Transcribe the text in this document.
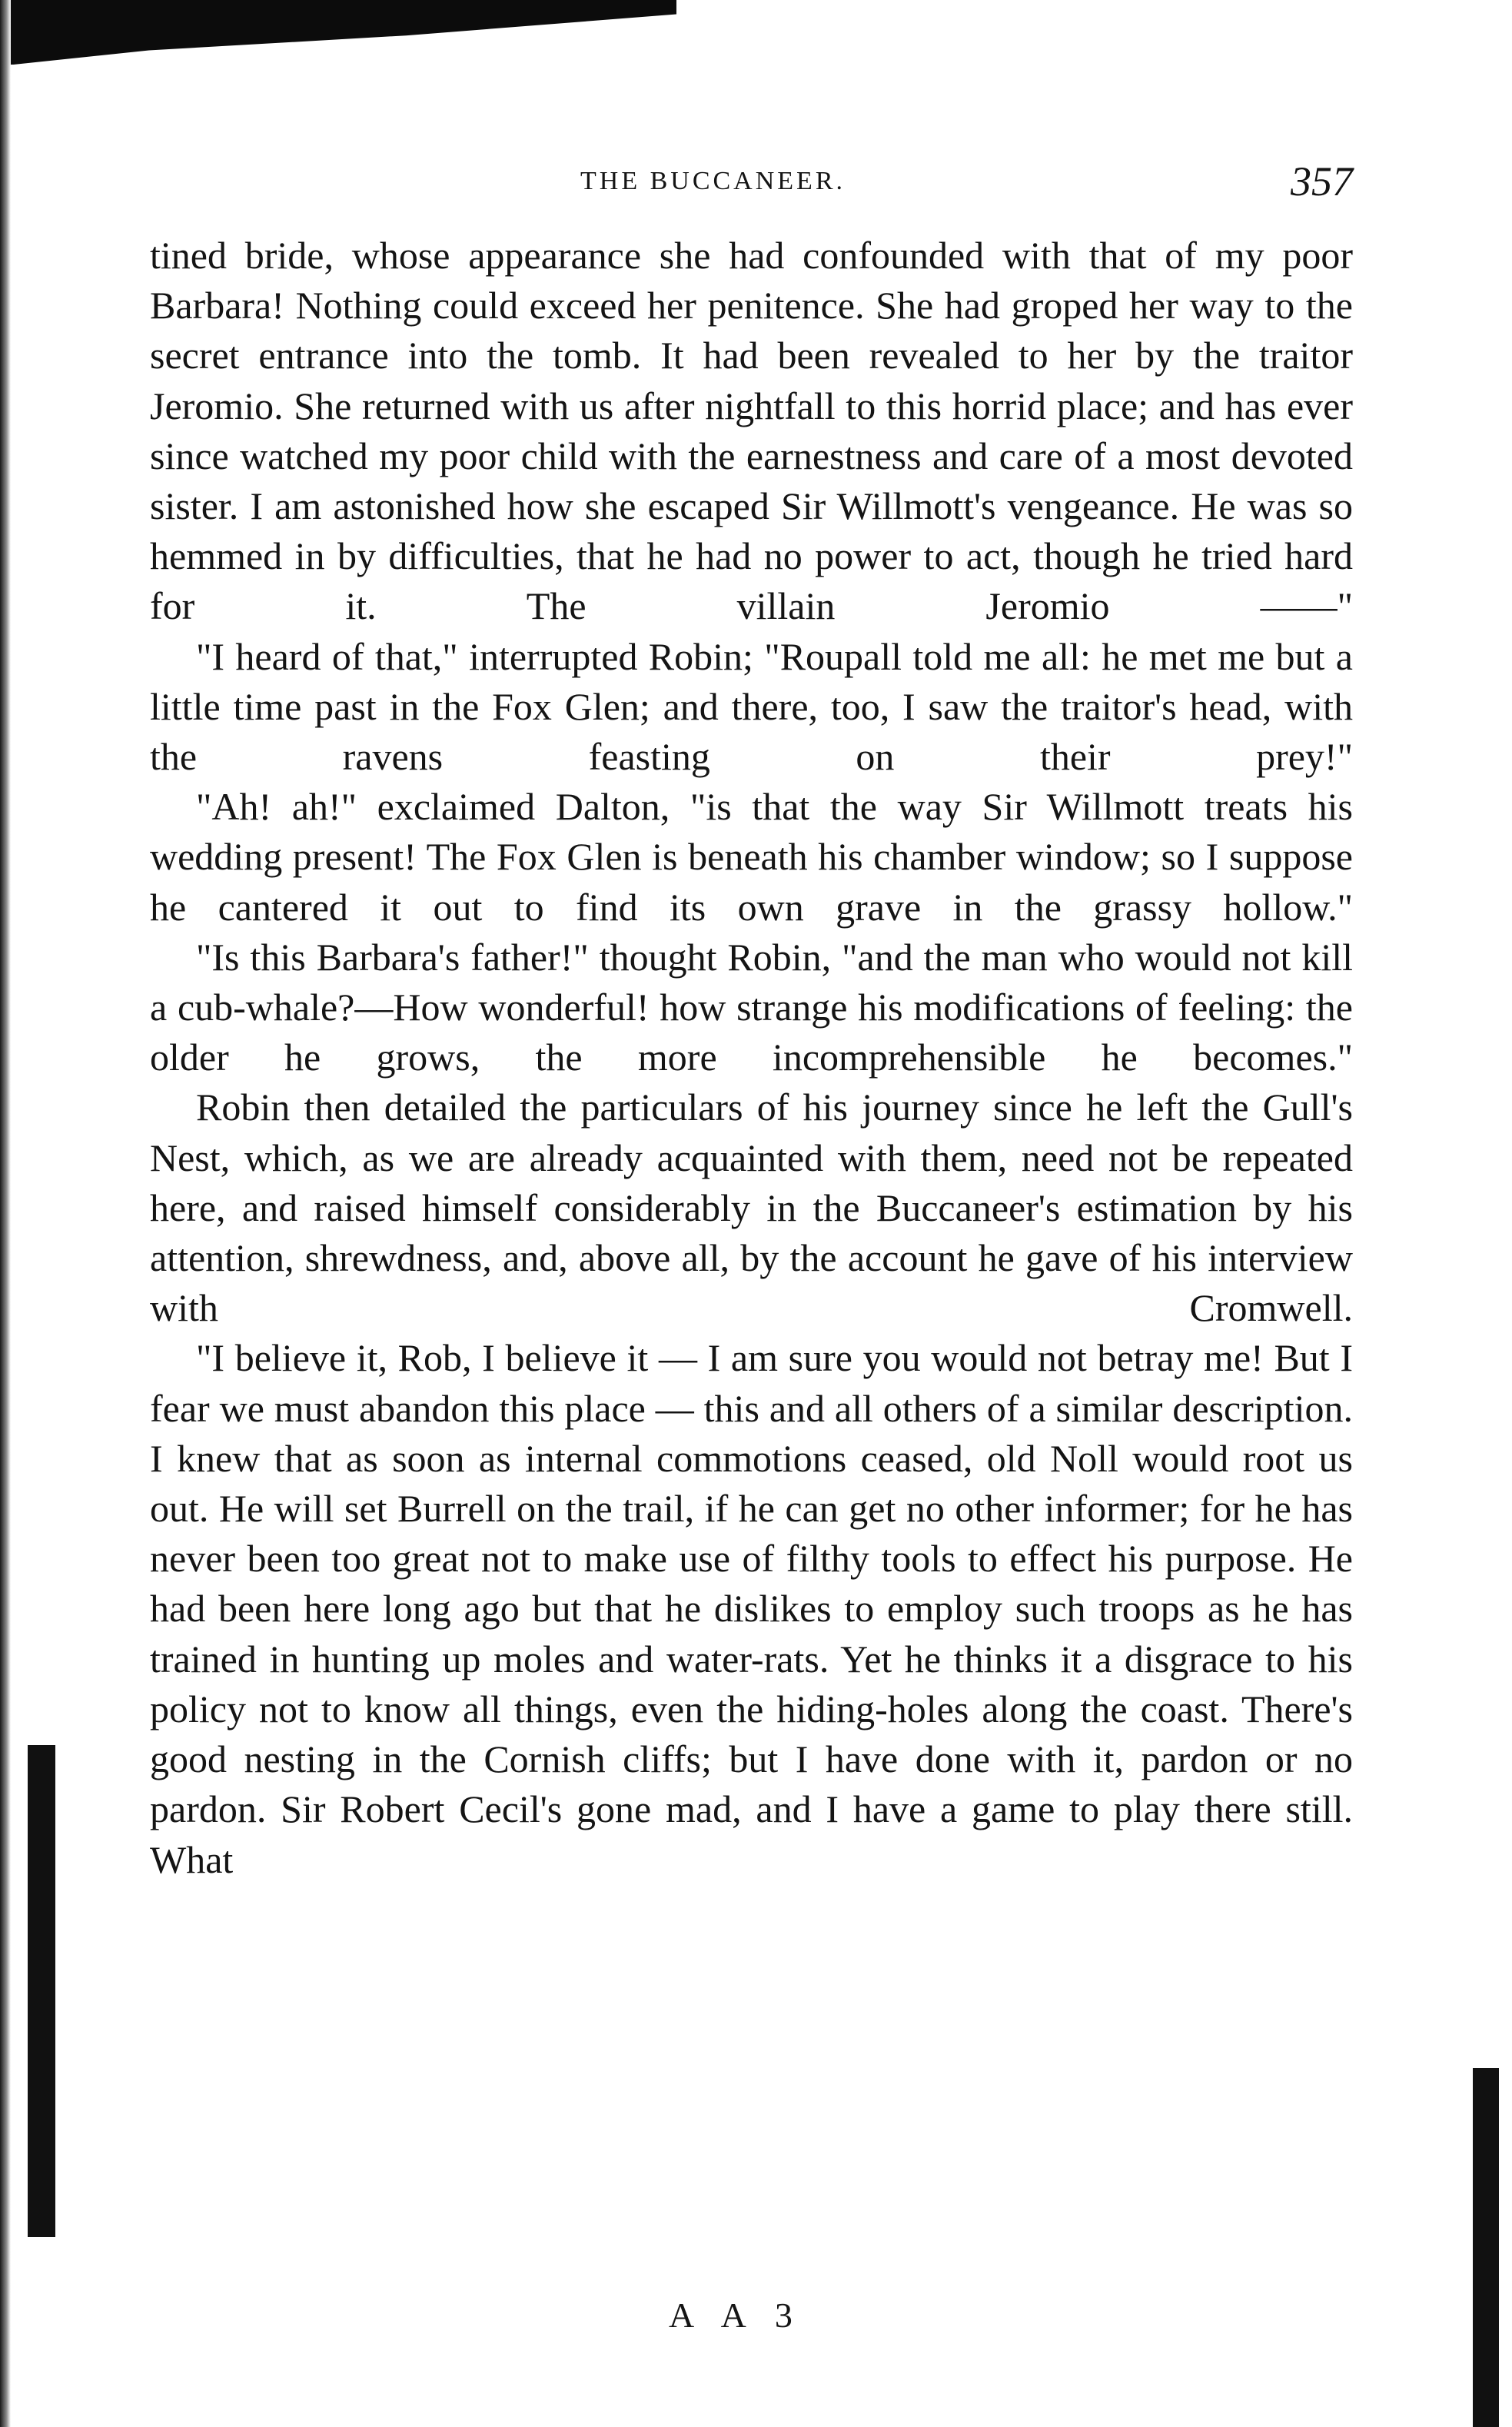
THE BUCCANEER.	357

tined bride, whose appearance she had confounded with that of my poor Barbara! Nothing could exceed her penitence. She had groped her way to the secret entrance into the tomb. It had been revealed to her by the traitor Jeromio. She returned with us after nightfall to this horrid place; and has ever since watched my poor child with the earnestness and care of a most devoted sister. I am astonished how she escaped Sir Willmott's vengeance. He was so hemmed in by difficulties, that he had no power to act, though he tried hard for it. The villain Jeromio ——"

"I heard of that," interrupted Robin; "Roupall told me all: he met me but a little time past in the Fox Glen; and there, too, I saw the traitor's head, with the ravens feasting on their prey!"

"Ah! ah!" exclaimed Dalton, "is that the way Sir Willmott treats his wedding present! The Fox Glen is beneath his chamber window; so I suppose he cantered it out to find its own grave in the grassy hollow."

"Is this Barbara's father!" thought Robin, "and the man who would not kill a cub-whale?—How wonderful! how strange his modifications of feeling: the older he grows, the more incomprehensible he becomes."

Robin then detailed the particulars of his journey since he left the Gull's Nest, which, as we are already acquainted with them, need not be repeated here, and raised himself considerably in the Buccaneer's estimation by his attention, shrewdness, and, above all, by the account he gave of his interview with Cromwell.

"I believe it, Rob, I believe it — I am sure you would not betray me! But I fear we must abandon this place — this and all others of a similar description. I knew that as soon as internal commotions ceased, old Noll would root us out. He will set Burrell on the trail, if he can get no other informer; for he has never been too great not to make use of filthy tools to effect his purpose. He had been here long ago but that he dislikes to employ such troops as he has trained in hunting up moles and water-rats. Yet he thinks it a disgrace to his policy not to know all things, even the hiding-holes along the coast. There's good nesting in the Cornish cliffs; but I have done with it, pardon or no pardon. Sir Robert Cecil's gone mad, and I have a game to play there still. What

A A 3
